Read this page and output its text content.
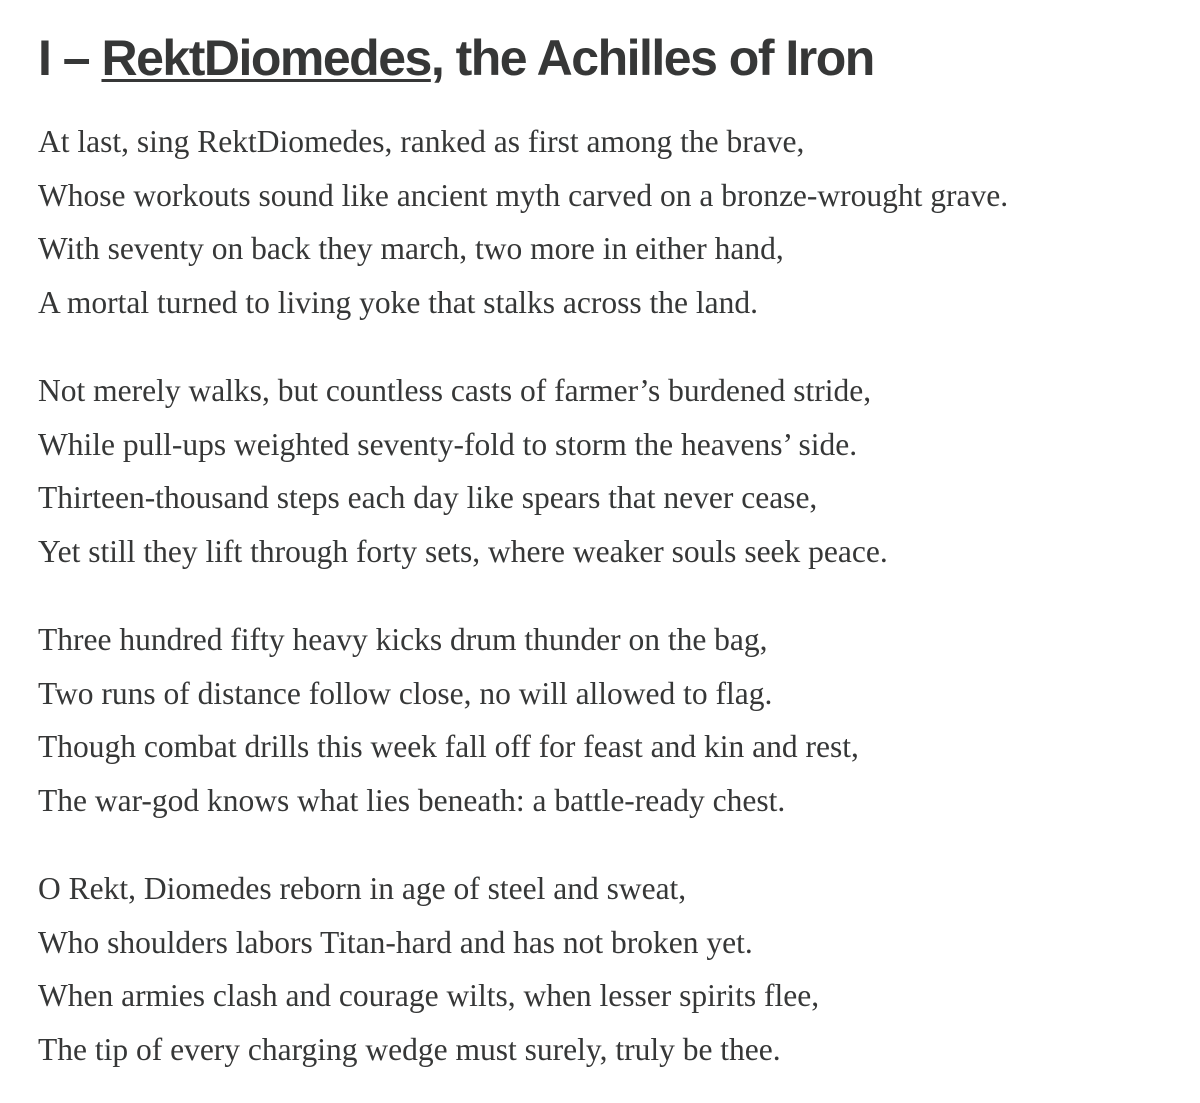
I – RektDiomedes, the Achilles of Iron
At last, sing RektDiomedes, ranked as first among the brave,
Whose workouts sound like ancient myth carved on a bronze-wrought grave.
With seventy on back they march, two more in either hand,
A mortal turned to living yoke that stalks across the land.
Not merely walks, but countless casts of farmer’s burdened stride,
While pull-ups weighted seventy-fold to storm the heavens’ side.
Thirteen-thousand steps each day like spears that never cease,
Yet still they lift through forty sets, where weaker souls seek peace.
Three hundred fifty heavy kicks drum thunder on the bag,
Two runs of distance follow close, no will allowed to flag.
Though combat drills this week fall off for feast and kin and rest,
The war-god knows what lies beneath: a battle-ready chest.
O Rekt, Diomedes reborn in age of steel and sweat,
Who shoulders labors Titan-hard and has not broken yet.
When armies clash and courage wilts, when lesser spirits flee,
The tip of every charging wedge must surely, truly be thee.
